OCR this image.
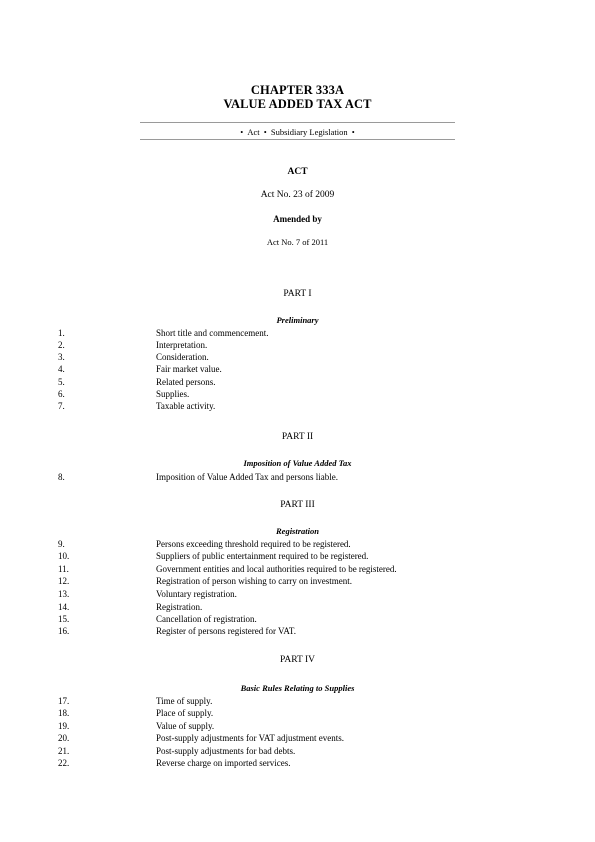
CHAPTER 333A
VALUE ADDED TAX ACT
• Act • Subsidiary Legislation •
ACT
Act No. 23 of 2009
Amended by
Act No. 7 of 2011
PART I
Preliminary
1.	Short title and commencement.
2.	Interpretation.
3.	Consideration.
4.	Fair market value.
5.	Related persons.
6.	Supplies.
7.	Taxable activity.
PART II
Imposition of Value Added Tax
8.	Imposition of Value Added Tax and persons liable.
PART III
Registration
9.	Persons exceeding threshold required to be registered.
10.	Suppliers of public entertainment required to be registered.
11.	Government entities and local authorities required to be registered.
12.	Registration of person wishing to carry on investment.
13.	Voluntary registration.
14.	Registration.
15.	Cancellation of registration.
16.	Register of persons registered for VAT.
PART IV
Basic Rules Relating to Supplies
17.	Time of supply.
18.	Place of supply.
19.	Value of supply.
20.	Post-supply adjustments for VAT adjustment events.
21.	Post-supply adjustments for bad debts.
22.	Reverse charge on imported services.
